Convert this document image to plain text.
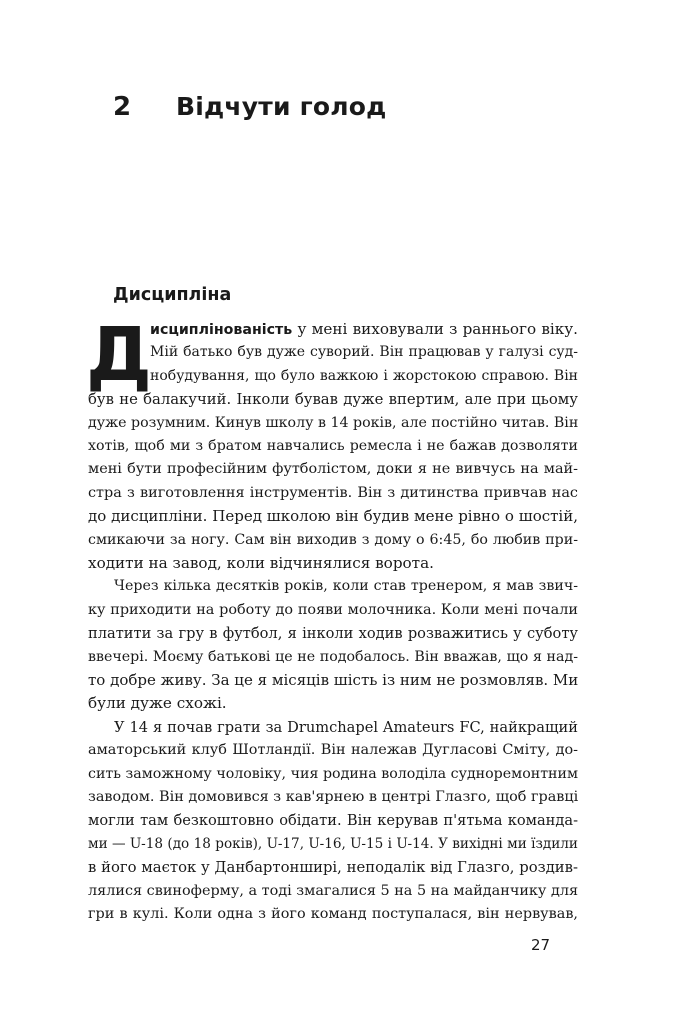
2	Відчути голод
Дисципліна
Д
исциплінованість у мені виховували з раннього віку.
Мій батько був дуже суворий. Він працював у галузі суд-
нобудування, що було важкою і жорстокою справою. Він
був не балакучий. Інколи бував дуже впертим, але при цьому
дуже розумним. Кинув школу в 14 років, але постійно читав. Він
хотів, щоб ми з братом навчались ремесла і не бажав дозволяти
мені бути професійним футболістом, доки я не вивчусь на май-
стра з виготовлення інструментів. Він з дитинства привчав нас
до дисципліни. Перед школою він будив мене рівно о шостій,
смикаючи за ногу. Сам він виходив з дому о 6:45, бо любив при-
ходити на завод, коли відчинялися ворота.
Через кілька десятків років, коли став тренером, я мав звич-
ку приходити на роботу до появи молочника. Коли мені почали
платити за гру в футбол, я інколи ходив розважитись у суботу
ввечері. Моєму батькові це не подобалось. Він вважав, що я над-
то добре живу. За це я місяців шість із ним не розмовляв. Ми
були дуже схожі.
У 14 я почав грати за Drumchapel Amateurs FC, найкращий
аматорський клуб Шотландії. Він належав Дугласові Сміту, до-
сить заможному чоловіку, чия родина володіла судноремонтним
заводом. Він домовився з кав'ярнею в центрі Глазго, щоб гравці
могли там безкоштовно обідати. Він керував п'ятьма команда-
ми — U-18 (до 18 років), U-17, U-16, U-15 і U-14. У вихідні ми їздили
в його маєток у Данбартонширі, неподалік від Глазго, роздив-
лялися свиноферму, а тоді змагалися 5 на 5 на майданчику для
гри в кулі. Коли одна з його команд поступалася, він нервував,
27
